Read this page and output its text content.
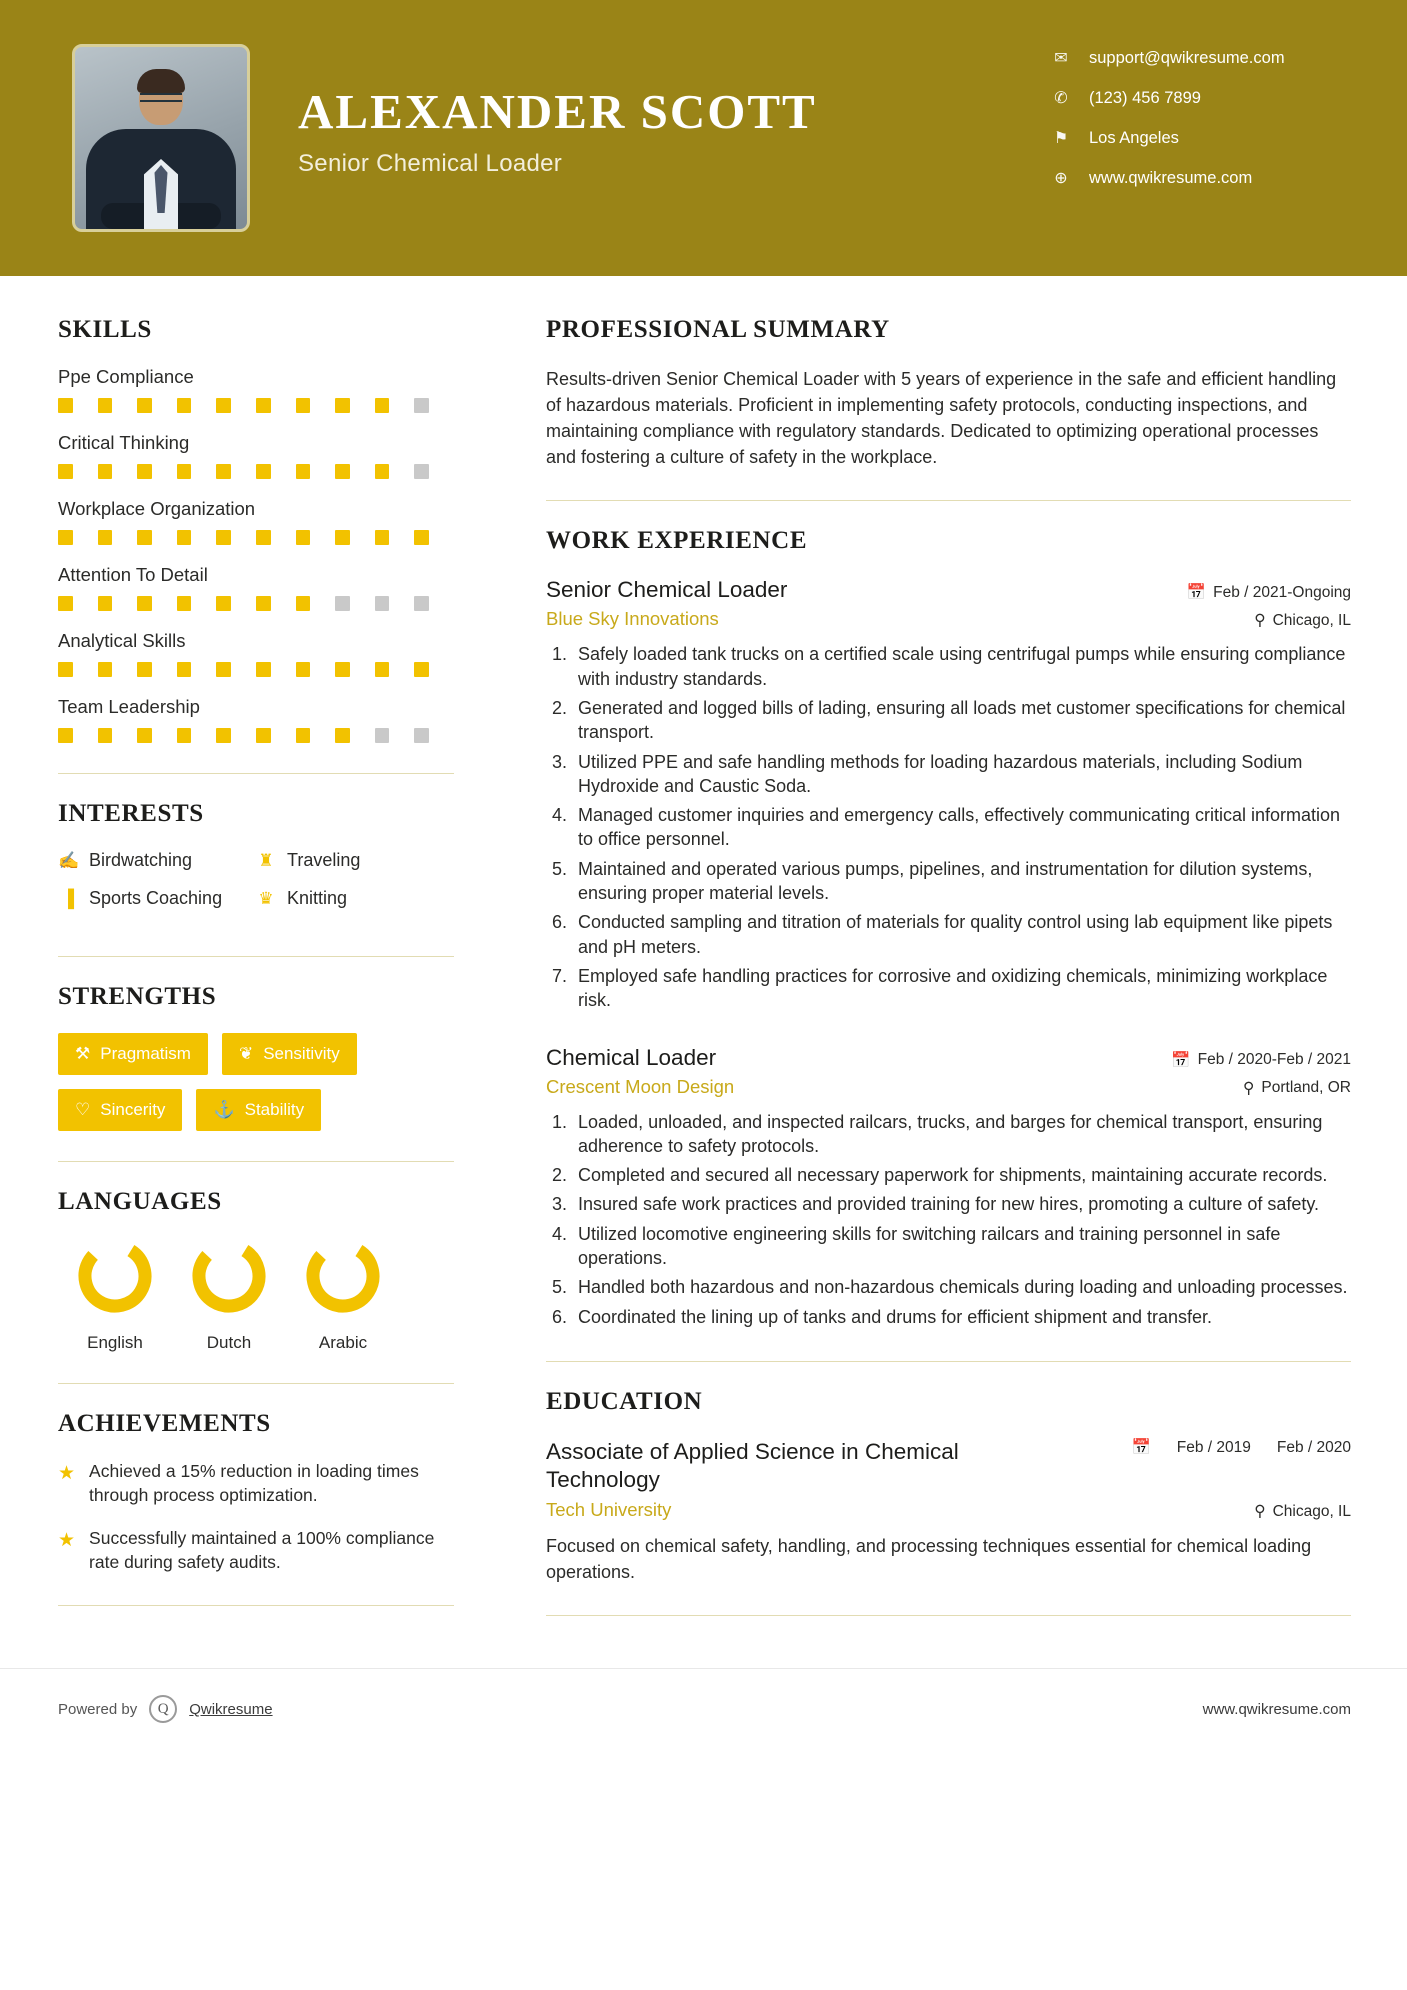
ALEXANDER SCOTT
Senior Chemical Loader
✉ support@qwikresume.com
✆ (123) 456 7899
⚑ Los Angeles
⊕ www.qwikresume.com
SKILLS
Ppe Compliance
Critical Thinking
Workplace Organization
Attention To Detail
Analytical Skills
Team Leadership
INTERESTS
✍ Birdwatching	♜ Traveling
▐ Sports Coaching ♛ Knitting
STRENGTHS
⚒ Pragmatism	❦ Sensitivity
♡ Sincerity	⚓ Stability
LANGUAGES
English	Dutch	Arabic
ACHIEVEMENTS
★ Achieved a 15% reduction in loading times through process optimization.
★ Successfully maintained a 100% compliance rate during safety audits.
PROFESSIONAL SUMMARY
Results-driven Senior Chemical Loader with 5 years of experience in the safe and efficient handling of hazardous materials. Proficient in implementing safety protocols, conducting inspections, and maintaining compliance with regulatory standards. Dedicated to optimizing operational processes and fostering a culture of safety in the workplace.
WORK EXPERIENCE
Senior Chemical Loader	📅 Feb / 2021-Ongoing
Blue Sky Innovations	⚲ Chicago, IL
1. Safely loaded tank trucks on a certified scale using centrifugal pumps while ensuring compliance with industry standards.
2. Generated and logged bills of lading, ensuring all loads met customer specifications for chemical transport.
3. Utilized PPE and safe handling methods for loading hazardous materials, including Sodium Hydroxide and Caustic Soda.
4. Managed customer inquiries and emergency calls, effectively communicating critical information to office personnel.
5. Maintained and operated various pumps, pipelines, and instrumentation for dilution systems, ensuring proper material levels.
6. Conducted sampling and titration of materials for quality control using lab equipment like pipets and pH meters.
7. Employed safe handling practices for corrosive and oxidizing chemicals, minimizing workplace risk.
Chemical Loader	📅 Feb / 2020-Feb / 2021
Crescent Moon Design	⚲ Portland, OR
1. Loaded, unloaded, and inspected railcars, trucks, and barges for chemical transport, ensuring adherence to safety protocols.
2. Completed and secured all necessary paperwork for shipments, maintaining accurate records.
3. Insured safe work practices and provided training for new hires, promoting a culture of safety.
4. Utilized locomotive engineering skills for switching railcars and training personnel in safe operations.
5. Handled both hazardous and non-hazardous chemicals during loading and unloading processes.
6. Coordinated the lining up of tanks and drums for efficient shipment and transfer.
EDUCATION
Associate of Applied Science in Chemical Technology
📅 Feb / 2019 Feb / 2020
Tech University	⚲ Chicago, IL
Focused on chemical safety, handling, and processing techniques essential for chemical loading operations.
Powered by	Q	Qwikresume	www.qwikresume.com
